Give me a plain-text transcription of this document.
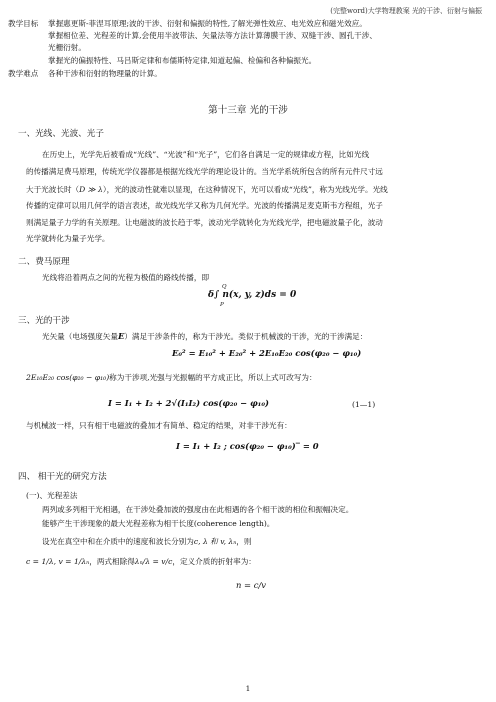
(完整word)大学物理教案 光的干涉、衍射与偏振
教学目标 掌握惠更斯-菲涅耳原理;波的干涉、衍射和偏振的特性,了解光弹性效应、电光效应和磁光效应。
掌握相位差、光程差的计算,会使用半波带法、矢量法等方法计算薄膜干涉、双缝干涉、圆孔干涉、
光栅衍射。
掌握光的偏振特性、马吕斯定律和布儒斯特定律,知道起偏、检偏和各种偏振光。
教学难点 各种干涉和衍射的物理量的计算。
第十三章 光的干涉
一、光线、光波、光子
在历史上，光学先后被看成“光线”、“光波”和“光子”，它们各自满足一定的规律或方程，比如光线
的传播满足费马原理，传统光学仪器都是根据光线光学的理论设计的。当光学系统所包含的所有元件尺寸远
大于光波长时（D ≫ λ），光的波动性就难以显现，在这种情况下，光可以看成“光线”，称为光线光学。光线
传播的定律可以用几何学的语言表述，故光线光学又称为几何光学。光波的传播满足麦克斯韦方程组，光子
则满足量子力学的有关原理。让电磁波的波长趋于零，波动光学就转化为光线光学，把电磁波量子化，波动
光学就转化为量子光学。
二、费马原理
光线将沿着两点之间的光程为极值的路线传播，即
Q
P
δ∫ n(x, y, z)ds = 0
三、光的干涉
光矢量（电场强度矢量E）满足干涉条件的，称为干涉光。类似于机械波的干涉，光的干涉满足：
E₀² = E₁₀² + E₂₀² + 2E₁₀E₂₀ cos(φ₂₀ − φ₁₀)
2E₁₀E₂₀ cos(φ₂₀ − φ₁₀)称为干涉项,光强与光振幅的平方成正比，所以上式可改写为：
I = I₁ + I₂ + 2√(I₁I₂) cos(φ₂₀ − φ₁₀)	(1—1)
与机械波一样，只有相干电磁波的叠加才有简单、稳定的结果，对非干涉光有：
I = I₁ + I₂ ; cos(φ₂₀ − φ₁₀)‾ = 0
四、 相干光的研究方法
(一)、光程差法
两列或多列相干光相遇，在干涉处叠加波的强度由在此相遇的各个相干波的相位和振幅决定。
能够产生干涉现象的最大光程差称为相干长度(coherence length)。
设光在真空中和在介质中的速度和波长分别为c, λ 和 v, λₙ，则
c = 1/λ, v = 1/λₙ，两式相除得λₙ/λ = v/c，定义介质的折射率为：
n = c/v
1
